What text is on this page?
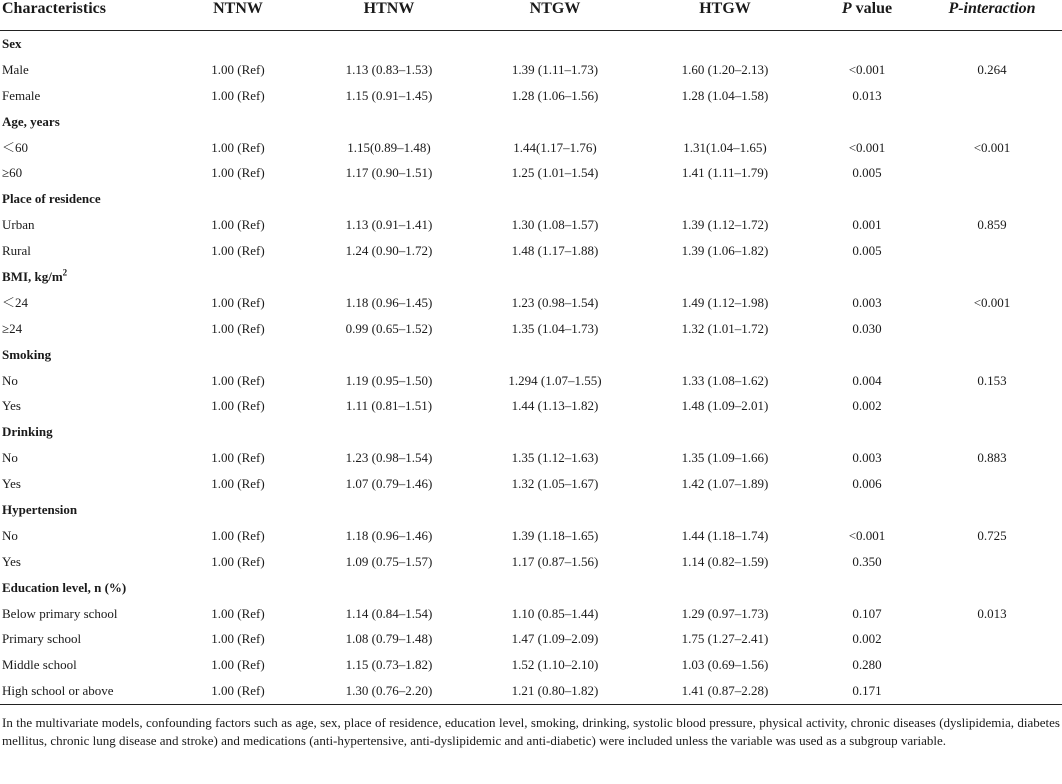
Characteristics	NTNW	HTNW	NTGW	HTGW	P value	P-interaction
Sex						
Male	1.00 (Ref)	1.13 (0.83–1.53)	1.39 (1.11–1.73)	1.60 (1.20–2.13)	<0.001	0.264
Female	1.00 (Ref)	1.15 (0.91–1.45)	1.28 (1.06–1.56)	1.28 (1.04–1.58)	0.013	
Age, years						
＜60	1.00 (Ref)	1.15(0.89–1.48)	1.44(1.17–1.76)	1.31(1.04–1.65)	<0.001	<0.001
≥60	1.00 (Ref)	1.17 (0.90–1.51)	1.25 (1.01–1.54)	1.41 (1.11–1.79)	0.005	
Place of residence						
Urban	1.00 (Ref)	1.13 (0.91–1.41)	1.30 (1.08–1.57)	1.39 (1.12–1.72)	0.001	0.859
Rural	1.00 (Ref)	1.24 (0.90–1.72)	1.48 (1.17–1.88)	1.39 (1.06–1.82)	0.005	
BMI, $kg/m^2$						
＜24	1.00 (Ref)	1.18 (0.96–1.45)	1.23 (0.98–1.54)	1.49 (1.12–1.98)	0.003	<0.001
≥24	1.00 (Ref)	0.99 (0.65–1.52)	1.35 (1.04–1.73)	1.32 (1.01–1.72)	0.030	
Smoking						
No	1.00 (Ref)	1.19 (0.95–1.50)	1.294 (1.07–1.55)	1.33 (1.08–1.62)	0.004	0.153
Yes	1.00 (Ref)	1.11 (0.81–1.51)	1.44 (1.13–1.82)	1.48 (1.09–2.01)	0.002	
Drinking						
No	1.00 (Ref)	1.23 (0.98–1.54)	1.35 (1.12–1.63)	1.35 (1.09–1.66)	0.003	0.883
Yes	1.00 (Ref)	1.07 (0.79–1.46)	1.32 (1.05–1.67)	1.42 (1.07–1.89)	0.006	
Hypertension						
No	1.00 (Ref)	1.18 (0.96–1.46)	1.39 (1.18–1.65)	1.44 (1.18–1.74)	<0.001	0.725
Yes	1.00 (Ref)	1.09 (0.75–1.57)	1.17 (0.87–1.56)	1.14 (0.82–1.59)	0.350	
Education level, n (%)						
Below primary school	1.00 (Ref)	1.14 (0.84–1.54)	1.10 (0.85–1.44)	1.29 (0.97–1.73)	0.107	0.013
Primary school	1.00 (Ref)	1.08 (0.79–1.48)	1.47 (1.09–2.09)	1.75 (1.27–2.41)	0.002	
Middle school	1.00 (Ref)	1.15 (0.73–1.82)	1.52 (1.10–2.10)	1.03 (0.69–1.56)	0.280	
High school or above	1.00 (Ref)	1.30 (0.76–2.20)	1.21 (0.80–1.82)	1.41 (0.87–2.28)	0.171	
In the multivariate models, confounding factors such as age, sex, place of residence, education level, smoking, drinking, systolic blood pressure, physical activity, chronic diseases (dyslipidemia, diabetes mellitus, chronic lung disease and stroke) and medications (anti-hypertensive, anti-dyslipidemic and anti-diabetic) were included unless the variable was used as a subgroup variable.
